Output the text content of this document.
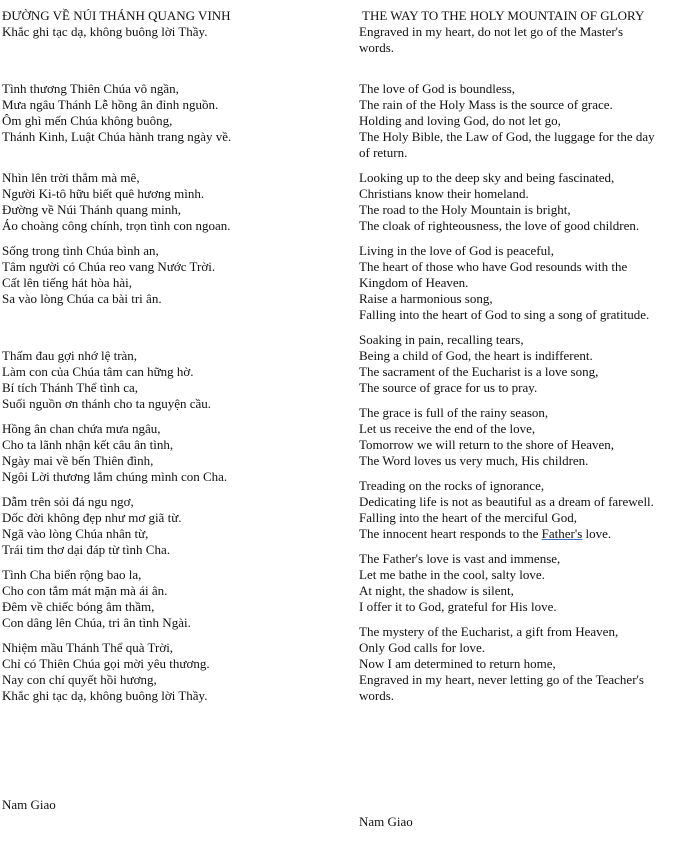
ĐƯỜNG VỀ NÚI THÁNH QUANG VINH
Khắc ghi tạc dạ, không buông lời Thầy.
Tình thương Thiên Chúa vô ngần,
Mưa ngâu Thánh Lễ hồng ân đỉnh nguồn.
Ôm ghì mến Chúa không buông,
Thánh Kinh, Luật Chúa hành trang ngày về.
Nhìn lên trời thẳm mà mê,
Người Ki-tô hữu biết quê hương mình.
Đường về Núi Thánh quang minh,
Áo choàng công chính, trọn tình con ngoan.
Sống trong tình Chúa bình an,
Tâm người có Chúa reo vang Nước Trời.
Cất lên tiếng hát hòa hài,
Sa vào lòng Chúa ca bài tri ân.
Thấm đau gợi nhớ lệ tràn,
Làm con của Chúa tâm can hững hờ.
Bí tích Thánh Thể tình ca,
Suối nguồn ơn thánh cho ta nguyện cầu.
Hồng ân chan chứa mưa ngâu,
Cho ta lãnh nhận kết câu ân tình,
Ngày mai về bến Thiên đình,
Ngôi Lời thương lắm chúng mình con Cha.
Dẫm trên sỏi đá ngu ngơ,
Dốc đời không đẹp như mơ giã từ.
Ngã vào lòng Chúa nhân từ,
Trái tim thơ dại đáp từ tình Cha.
Tình Cha biển rộng bao la,
Cho con tắm mát mặn mà ái ân.
Đêm về chiếc bóng âm thầm,
Con dâng lên Chúa, tri ân tình Ngài.
Nhiệm mầu Thánh Thể quà Trời,
Chỉ có Thiên Chúa gọi mời yêu thương.
Nay con chí quyết hồi hương,
Khắc ghi tạc dạ, không buông lời Thầy.
THE WAY TO THE HOLY MOUNTAIN OF GLORY
Engraved in my heart, do not let go of the Master's
words.
The love of God is boundless,
The rain of the Holy Mass is the source of grace.
Holding and loving God, do not let go,
The Holy Bible, the Law of God, the luggage for the day
of return.
Looking up to the deep sky and being fascinated,
Christians know their homeland.
The road to the Holy Mountain is bright,
The cloak of righteousness, the love of good children.
Living in the love of God is peaceful,
The heart of those who have God resounds with the
Kingdom of Heaven.
Raise a harmonious song,
Falling into the heart of God to sing a song of gratitude.
Soaking in pain, recalling tears,
Being a child of God, the heart is indifferent.
The sacrament of the Eucharist is a love song,
The source of grace for us to pray.
The grace is full of the rainy season,
Let us receive the end of the love,
Tomorrow we will return to the shore of Heaven,
The Word loves us very much, His children.
Treading on the rocks of ignorance,
Dedicating life is not as beautiful as a dream of farewell.
Falling into the heart of the merciful God,
The innocent heart responds to the Father's love.
The Father's love is vast and immense,
Let me bathe in the cool, salty love.
At night, the shadow is silent,
I offer it to God, grateful for His love.
The mystery of the Eucharist, a gift from Heaven,
Only God calls for love.
Now I am determined to return home,
Engraved in my heart, never letting go of the Teacher's
words.
Nam Giao
Nam Giao
